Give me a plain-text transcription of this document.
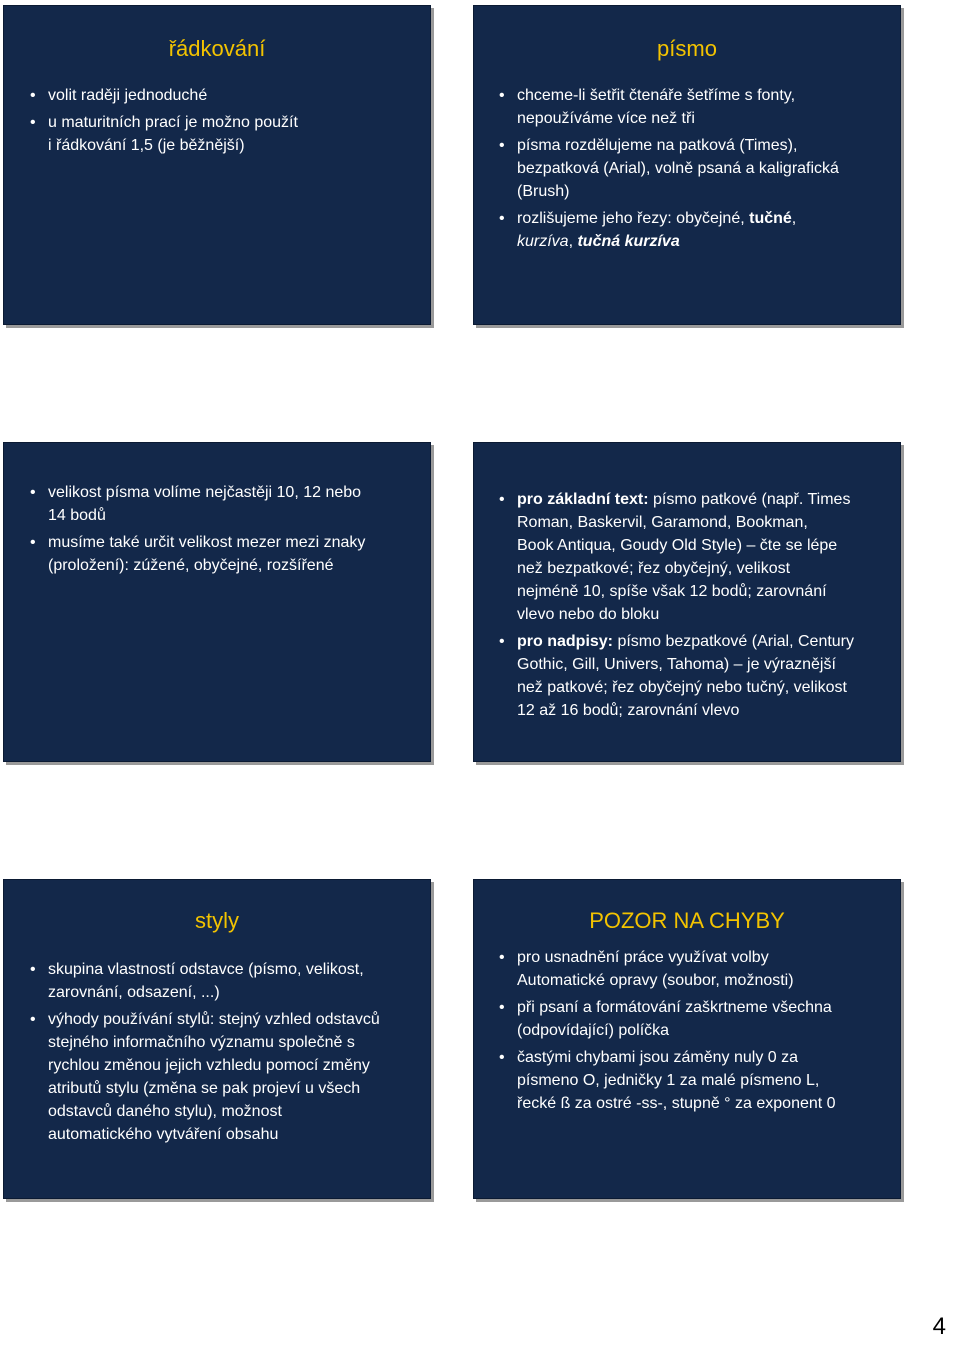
řádkování
• volit raději jednoduché
• u maturitních prací je možno použít
i řádkování 1,5 (je běžnější)
písmo
• chceme-li šetřit čtenáře šetříme s fonty,
nepoužíváme více než tři
• písma rozdělujeme na patková (Times),
bezpatková (Arial), volně psaná a kaligrafická
(Brush)
• rozlišujeme jeho řezy: obyčejné, tučné,
kurzíva, tučná kurzíva
• velikost písma volíme nejčastěji 10, 12 nebo
14 bodů
• musíme také určit velikost mezer mezi znaky
(proložení): zúžené, obyčejné, rozšířené
• pro základní text: písmo patkové (např. Times
Roman, Baskervil, Garamond, Bookman,
Book Antiqua, Goudy Old Style) – čte se lépe
než bezpatkové; řez obyčejný, velikost
nejméně 10, spíše však 12 bodů; zarovnání
vlevo nebo do bloku
• pro nadpisy: písmo bezpatkové (Arial, Century
Gothic, Gill, Univers, Tahoma) – je výraznější
než patkové; řez obyčejný nebo tučný, velikost
12 až 16 bodů; zarovnání vlevo
styly
• skupina vlastností odstavce (písmo, velikost,
zarovnání, odsazení, ...)
• výhody používání stylů: stejný vzhled odstavců
stejného informačního významu společně s
rychlou změnou jejich vzhledu pomocí změny
atributů stylu (změna se pak projeví u všech
odstavců daného stylu), možnost
automatického vytváření obsahu
POZOR NA CHYBY
• pro usnadnění práce využívat volby
Automatické opravy (soubor, možnosti)
• při psaní a formátování zaškrtneme všechna
(odpovídající) políčka
• častými chybami jsou záměny nuly 0 za
písmeno O, jedničky 1 za malé písmeno L,
řecké ß za ostré -ss-, stupně ° za exponent 0
4
